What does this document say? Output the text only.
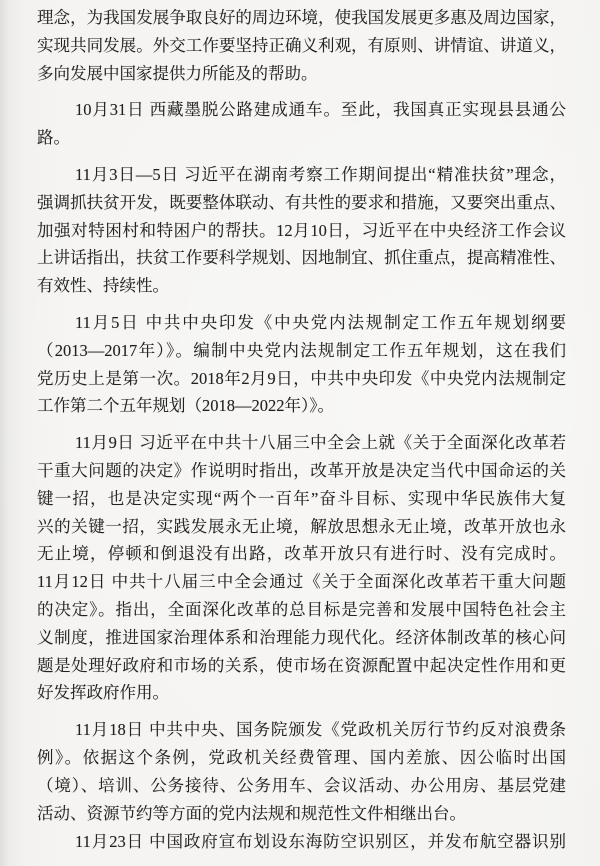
理念，为我国发展争取良好的周边环境，使我国发展更多惠及周边国家，
实现共同发展。外交工作要坚持正确义利观，有原则、讲情谊、讲道义，
多向发展中国家提供力所能及的帮助。
10月31日 西藏墨脱公路建成通车。至此，我国真正实现县县通公
路。
11月3日—5日 习近平在湖南考察工作期间提出“精准扶贫”理念，
强调抓扶贫开发，既要整体联动、有共性的要求和措施，又要突出重点、
加强对特困村和特困户的帮扶。12月10日，习近平在中央经济工作会议
上讲话指出，扶贫工作要科学规划、因地制宜、抓住重点，提高精准性、
有效性、持续性。
11月5日 中共中央印发《中央党内法规制定工作五年规划纲要
（2013—2017年）》。编制中央党内法规制定工作五年规划，这在我们
党历史上是第一次。2018年2月9日，中共中央印发《中央党内法规制定
工作第二个五年规划（2018—2022年）》。
11月9日 习近平在中共十八届三中全会上就《关于全面深化改革若
干重大问题的决定》作说明时指出，改革开放是决定当代中国命运的关
键一招，也是决定实现“两个一百年”奋斗目标、实现中华民族伟大复
兴的关键一招，实践发展永无止境，解放思想永无止境，改革开放也永
无止境，停顿和倒退没有出路，改革开放只有进行时、没有完成时。
11月12日 中共十八届三中全会通过《关于全面深化改革若干重大问题
的决定》。指出，全面深化改革的总目标是完善和发展中国特色社会主
义制度，推进国家治理体系和治理能力现代化。经济体制改革的核心问
题是处理好政府和市场的关系，使市场在资源配置中起决定性作用和更
好发挥政府作用。
11月18日 中共中央、国务院颁发《党政机关厉行节约反对浪费条
例》。依据这个条例，党政机关经费管理、国内差旅、因公临时出国
（境）、培训、公务接待、公务用车、会议活动、办公用房、基层党建
活动、资源节约等方面的党内法规和规范性文件相继出台。
11月23日 中国政府宣布划设东海防空识别区，并发布航空器识别
